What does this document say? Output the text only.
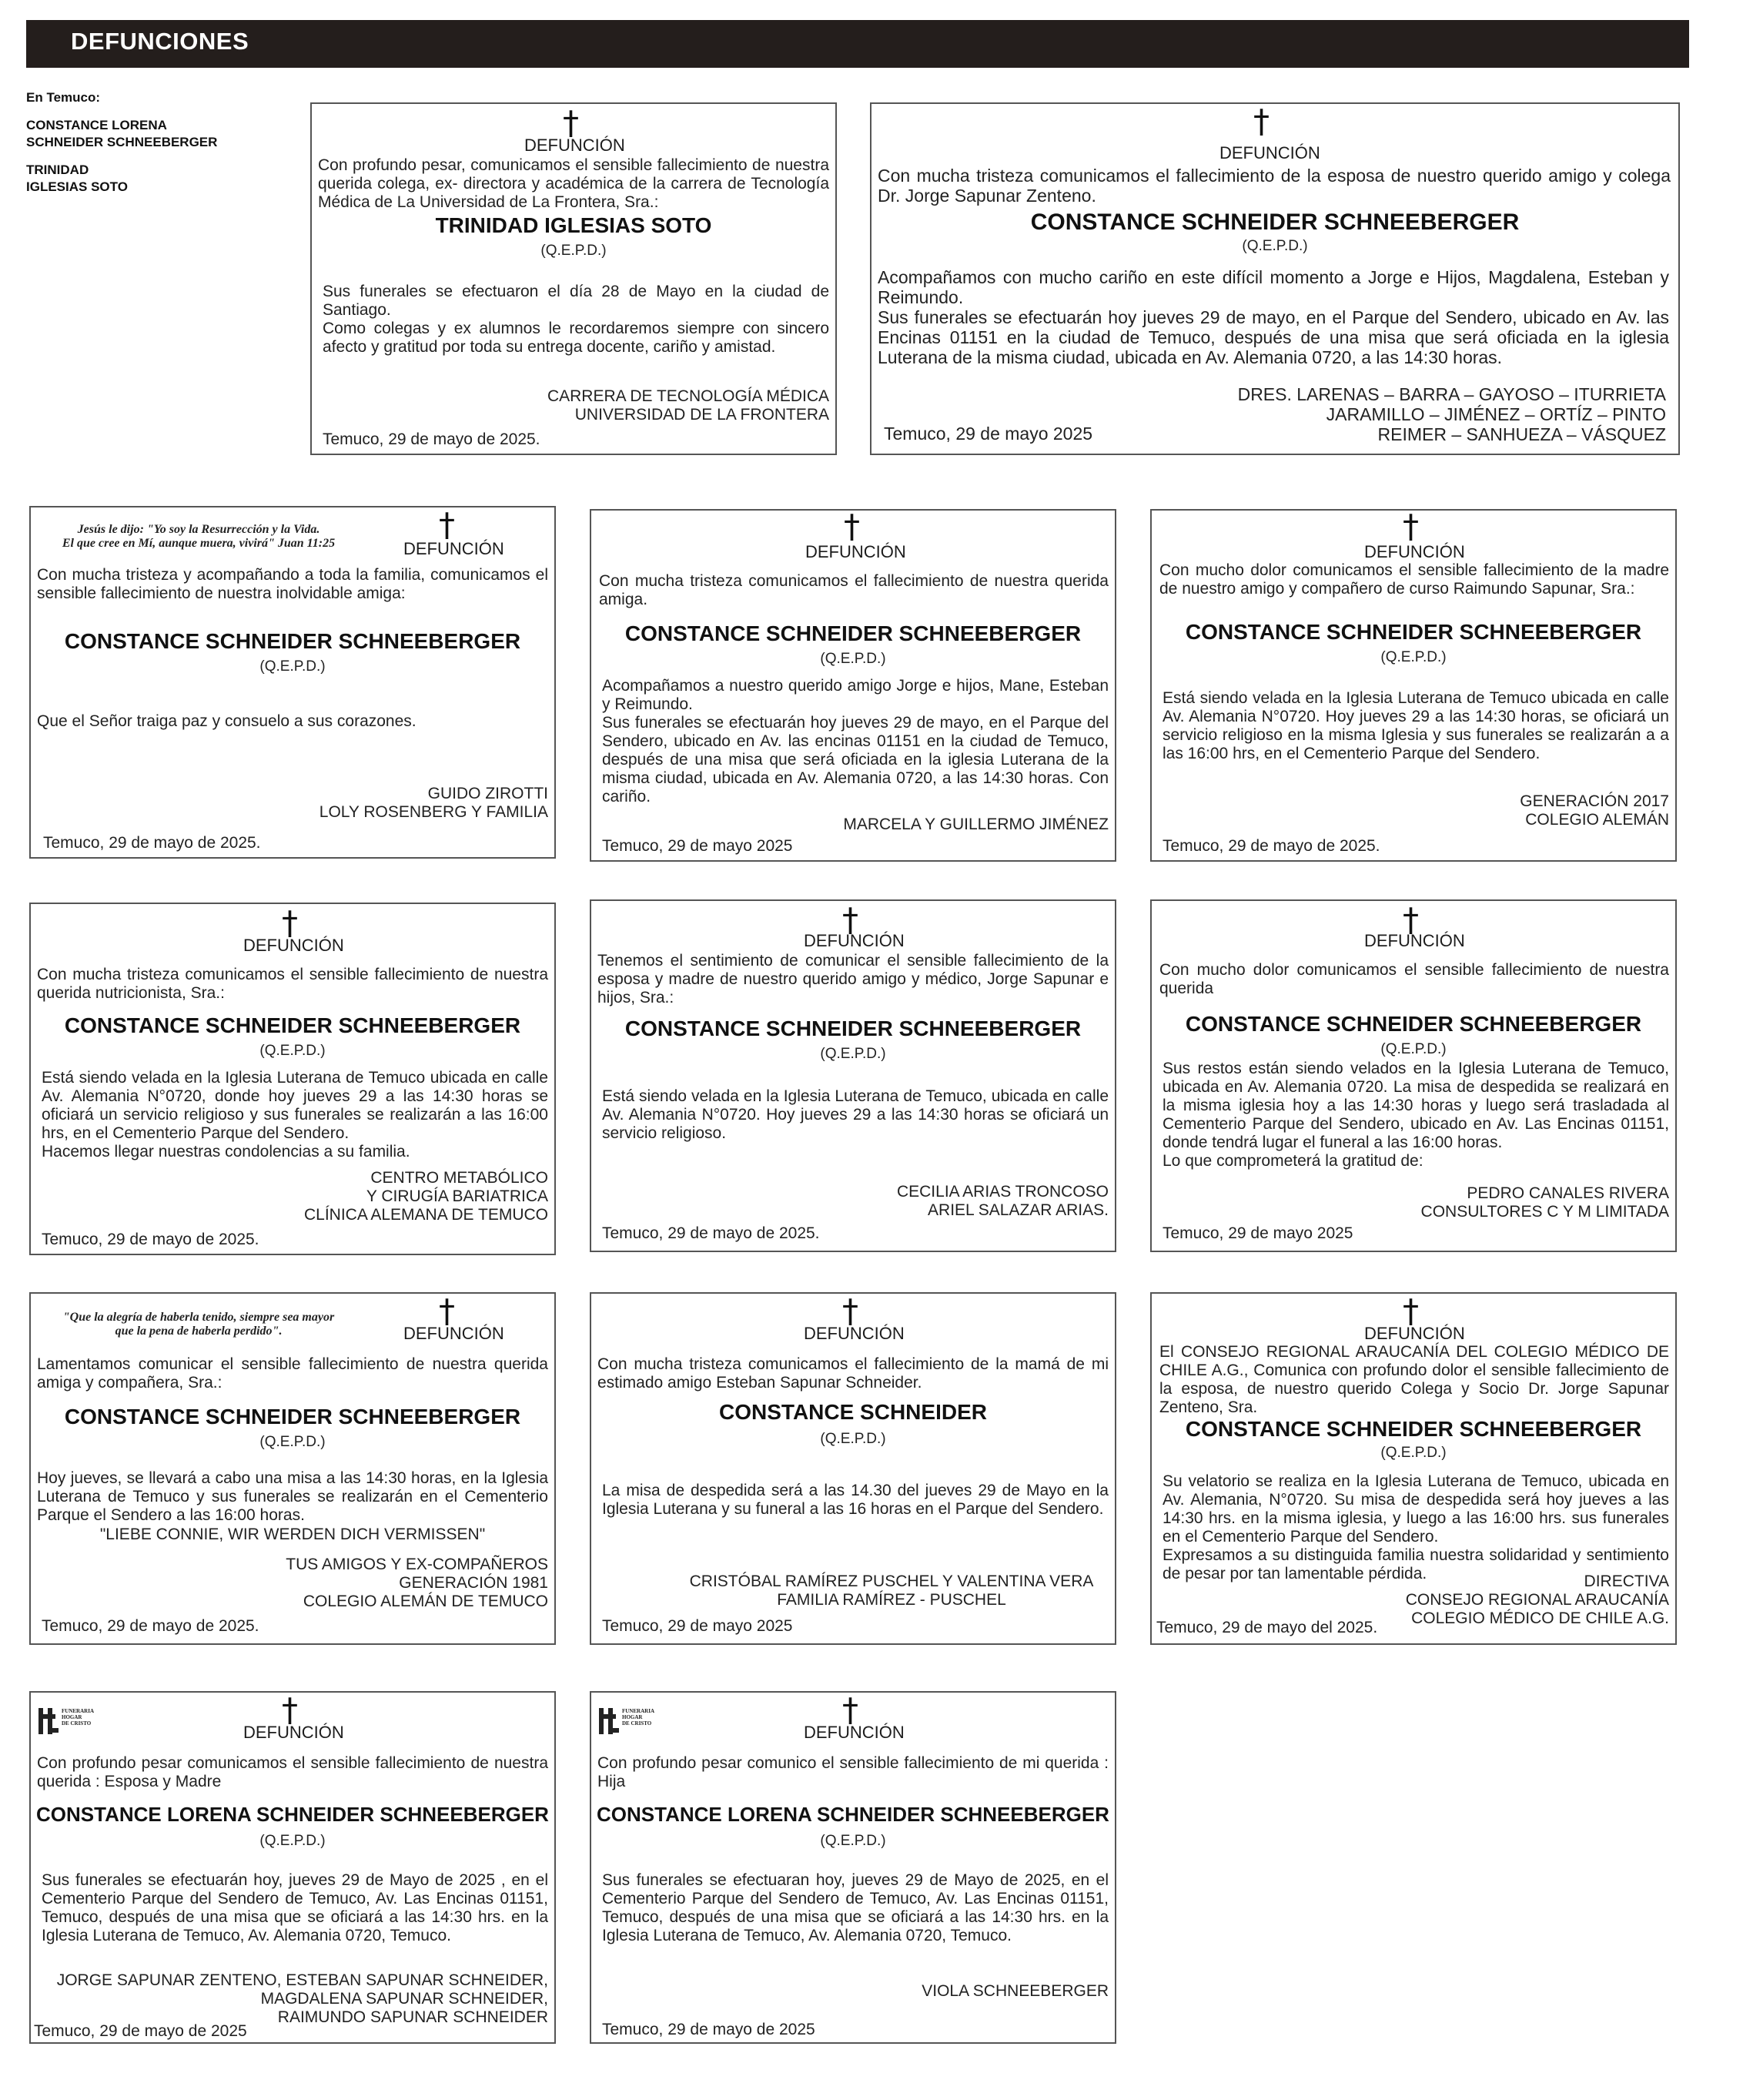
DEFUNCIONES
En Temuco:
CONSTANCE LORENA
SCHNEIDER SCHNEEBERGER
TRINIDAD
IGLESIAS SOTO
†
DEFUNCIÓN
Con profundo pesar, comunicamos el sensible fallecimiento de nuestra querida colega, ex- directora y académica de la carrera de Tecnología Médica de La Universidad de La Frontera, Sra.:
TRINIDAD IGLESIAS SOTO
(Q.E.P.D.)
Sus funerales se efectuaron el día 28 de Mayo en la ciudad de Santiago.
Como colegas y ex alumnos le recordaremos siempre con sincero afecto y gratitud por toda su entrega docente, cariño y amistad.
CARRERA DE TECNOLOGÍA MÉDICA
UNIVERSIDAD DE LA FRONTERA
Temuco, 29 de mayo de 2025.
†
DEFUNCIÓN
Con mucha tristeza comunicamos el fallecimiento de la esposa de nuestro querido amigo y colega Dr. Jorge Sapunar Zenteno.
CONSTANCE SCHNEIDER SCHNEEBERGER
(Q.E.P.D.)
Acompañamos con mucho cariño en este difícil momento a Jorge e Hijos, Magdalena, Esteban y Reimundo.
Sus funerales se efectuarán hoy jueves 29 de mayo, en el Parque del Sendero, ubicado en Av. las Encinas 01151 en la ciudad de Temuco, después de una misa que será oficiada en la iglesia Luterana de la misma ciudad, ubicada en Av. Alemania 0720, a las 14:30 horas.
DRES. LARENAS – BARRA – GAYOSO – ITURRIETA
JARAMILLO – JIMÉNEZ – ORTÍZ – PINTO
REIMER – SANHUEZA – VÁSQUEZ
Temuco, 29 de mayo 2025
Jesús le dijo: "Yo soy la Resurrección y la Vida.
El que cree en Mí, aunque muera, vivirá" Juan 11:25	†
DEFUNCIÓN
Con mucha tristeza y acompañando a toda la familia, comunicamos el sensible fallecimiento de nuestra inolvidable amiga:
CONSTANCE SCHNEIDER SCHNEEBERGER
(Q.E.P.D.)
Que el Señor traiga paz y consuelo a sus corazones.
GUIDO ZIROTTI
LOLY ROSENBERG Y FAMILIA
Temuco, 29 de mayo de 2025.
†
DEFUNCIÓN
Con mucha tristeza comunicamos el fallecimiento de nuestra querida amiga.
CONSTANCE SCHNEIDER SCHNEEBERGER
(Q.E.P.D.)
Acompañamos a nuestro querido amigo Jorge e hijos, Mane, Esteban y Reimundo.
Sus funerales se efectuarán hoy jueves 29 de mayo, en el Parque del Sendero, ubicado en Av. las encinas 01151 en la ciudad de Temuco, después de una misa que será oficiada en la iglesia Luterana de la misma ciudad, ubicada en Av. Alemania 0720, a las 14:30 horas. Con cariño.
MARCELA Y GUILLERMO JIMÉNEZ
Temuco, 29 de mayo 2025
†
DEFUNCIÓN
Con mucho dolor comunicamos el sensible fallecimiento de la madre de nuestro amigo y compañero de curso Raimundo Sapunar, Sra.:
CONSTANCE SCHNEIDER SCHNEEBERGER
(Q.E.P.D.)
Está siendo velada en la Iglesia Luterana de Temuco ubicada en calle Av. Alemania N°0720. Hoy jueves 29 a las 14:30 horas, se oficiará un servicio religioso en la misma Iglesia y sus funerales se realizarán a a las 16:00 hrs, en el Cementerio Parque del Sendero.
GENERACIÓN 2017
COLEGIO ALEMÁN
Temuco, 29 de mayo de 2025.
†
DEFUNCIÓN
Con mucha tristeza comunicamos el sensible fallecimiento de nuestra querida nutricionista, Sra.:
CONSTANCE SCHNEIDER SCHNEEBERGER
(Q.E.P.D.)
Está siendo velada en la Iglesia Luterana de Temuco ubicada en calle Av. Alemania N°0720, donde hoy jueves 29 a las 14:30 horas se oficiará un servicio religioso y sus funerales se realizarán a las 16:00 hrs, en el Cementerio Parque del Sendero.
Hacemos llegar nuestras condolencias a su familia.
CENTRO METABÓLICO
Y CIRUGÍA BARIATRICA
CLÍNICA ALEMANA DE TEMUCO
Temuco, 29 de mayo de 2025.
†
DEFUNCIÓN
Tenemos el sentimiento de comunicar el sensible fallecimiento de la esposa y madre de nuestro querido amigo y médico, Jorge Sapunar e hijos, Sra.:
CONSTANCE SCHNEIDER SCHNEEBERGER
(Q.E.P.D.)
Está siendo velada en la Iglesia Luterana de Temuco, ubicada en calle Av. Alemania N°0720. Hoy jueves 29 a las 14:30 horas se oficiará un servicio religioso.
CECILIA ARIAS TRONCOSO
ARIEL SALAZAR ARIAS.
Temuco, 29 de mayo de 2025.
†
DEFUNCIÓN
Con mucho dolor comunicamos el sensible fallecimiento de nuestra querida
CONSTANCE SCHNEIDER SCHNEEBERGER
(Q.E.P.D.)
Sus restos están siendo velados en la Iglesia Luterana de Temuco, ubicada en Av. Alemania 0720. La misa de despedida se realizará en la misma iglesia hoy a las 14:30 horas y luego será trasladada al Cementerio Parque del Sendero, ubicado en Av. Las Encinas 01151, donde tendrá lugar el funeral a las 16:00 horas.
Lo que comprometerá la gratitud de:
PEDRO CANALES RIVERA
CONSULTORES C Y M LIMITADA
Temuco, 29 de mayo 2025
"Que la alegría de haberla tenido, siempre sea mayor
que la pena de haberla perdido".
†
DEFUNCIÓN
Lamentamos comunicar el sensible fallecimiento de nuestra querida amiga y compañera, Sra.:
CONSTANCE SCHNEIDER SCHNEEBERGER
(Q.E.P.D.)
Hoy jueves, se llevará a cabo una misa a las 14:30 horas, en la Iglesia Luterana de Temuco y sus funerales se realizarán en el Cementerio Parque el Sendero a las 16:00 horas.
"LIEBE CONNIE, WIR WERDEN DICH VERMISSEN"
TUS AMIGOS Y EX-COMPAÑEROS
GENERACIÓN 1981
COLEGIO ALEMÁN DE TEMUCO
Temuco, 29 de mayo de 2025.
†
DEFUNCIÓN
Con mucha tristeza comunicamos el fallecimiento de la mamá de mi estimado amigo Esteban Sapunar Schneider.
CONSTANCE SCHNEIDER
(Q.E.P.D.)
La misa de despedida será a las 14.30 del jueves 29 de Mayo en la Iglesia Luterana y su funeral a las 16 horas en el Parque del Sendero.
CRISTÓBAL RAMÍREZ PUSCHEL Y VALENTINA VERA
FAMILIA RAMÍREZ - PUSCHEL
Temuco, 29 de mayo 2025
†
DEFUNCIÓN
El CONSEJO REGIONAL ARAUCANÍA DEL COLEGIO MÉDICO DE CHILE A.G., Comunica con profundo dolor el sensible fallecimiento de la esposa, de nuestro querido Colega y Socio Dr. Jorge Sapunar Zenteno, Sra.
CONSTANCE SCHNEIDER SCHNEEBERGER
(Q.E.P.D.)
Su velatorio se realiza en la Iglesia Luterana de Temuco, ubicada en Av. Alemania, N°0720. Su misa de despedida será hoy jueves a las 14:30 hrs. en la misma iglesia, y luego a las 16:00 hrs. sus funerales en el Cementerio Parque del Sendero.
Expresamos a su distinguida familia nuestra solidaridad y sentimiento de pesar por tan lamentable pérdida.	DIRECTIVA
CONSEJO REGIONAL ARAUCANÍA
COLEGIO MÉDICO DE CHILE A.G.
Temuco, 29 de mayo del 2025.
FUNERARIA
HOGAR
DE CRISTO	†
DEFUNCIÓN
Con profundo pesar comunicamos el sensible fallecimiento de nuestra querida : Esposa y Madre
CONSTANCE LORENA SCHNEIDER SCHNEEBERGER
(Q.E.P.D.)
Sus funerales se efectuarán hoy, jueves 29 de Mayo de 2025 , en el Cementerio Parque del Sendero de Temuco, Av. Las Encinas 01151, Temuco, después de una misa que se oficiará a las 14:30 hrs. en la Iglesia Luterana de Temuco, Av. Alemania 0720, Temuco.
JORGE SAPUNAR ZENTENO, ESTEBAN SAPUNAR SCHNEIDER,
MAGDALENA SAPUNAR SCHNEIDER,
RAIMUNDO SAPUNAR SCHNEIDER
Temuco, 29 de mayo de 2025
FUNERARIA
HOGAR
DE CRISTO	†
DEFUNCIÓN
Con profundo pesar comunico el sensible fallecimiento de mi querida : Hija
CONSTANCE LORENA SCHNEIDER SCHNEEBERGER
(Q.E.P.D.)
Sus funerales se efectuaran hoy, jueves 29 de Mayo de 2025, en el Cementerio Parque del Sendero de Temuco, Av. Las Encinas 01151, Temuco, después de una misa que se oficiará a las 14:30 hrs. en la Iglesia Luterana de Temuco, Av. Alemania 0720, Temuco.
VIOLA SCHNEEBERGER
Temuco, 29 de mayo de 2025
